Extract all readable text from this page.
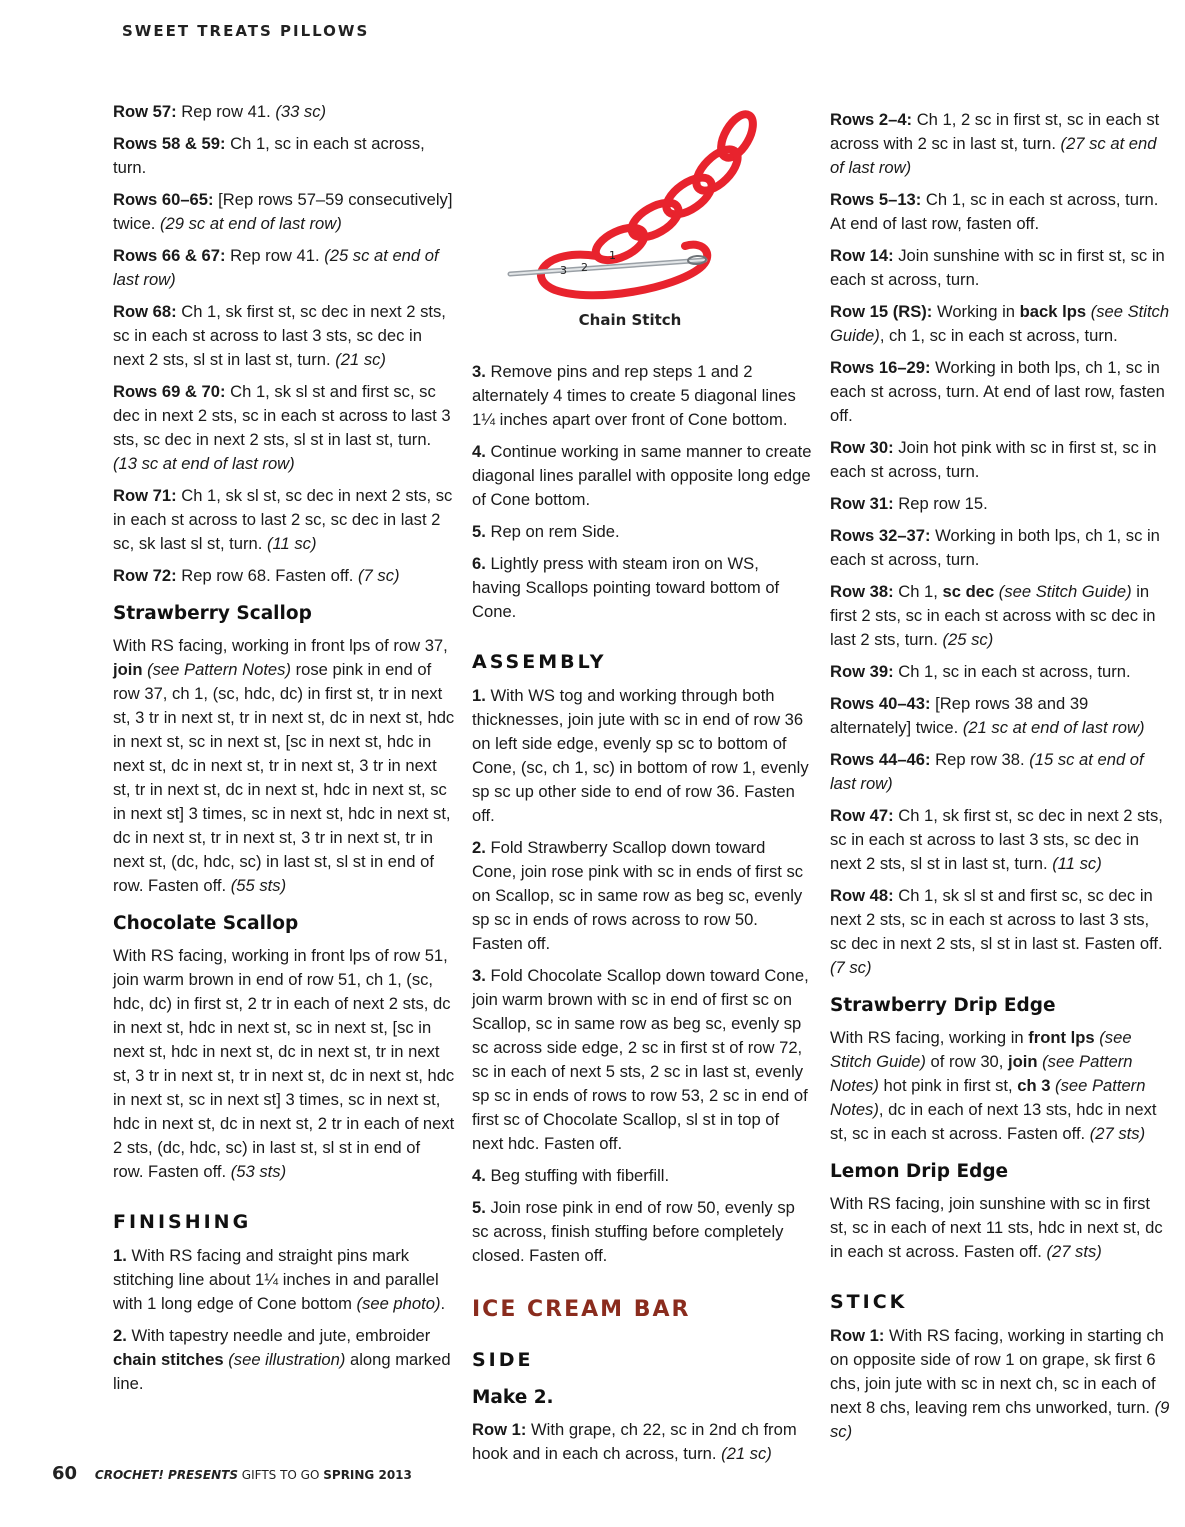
SWEET TREATS PILLOWS

Row 57: Rep row 41. (33 sc)

Rows 58 & 59: Ch 1, sc in each st across, turn.

Rows 60–65: [Rep rows 57–59 consecutively] twice. (29 sc at end of last row)

Rows 66 & 67: Rep row 41. (25 sc at end of last row)

Row 68: Ch 1, sk first st, sc dec in next 2 sts, sc in each st across to last 3 sts, sc dec in next 2 sts, sl st in last st, turn. (21 sc)

Rows 69 & 70: Ch 1, sk sl st and first sc, sc dec in next 2 sts, sc in each st across to last 3 sts, sc dec in next 2 sts, sl st in last st, turn. (13 sc at end of last row)

Row 71: Ch 1, sk sl st, sc dec in next 2 sts, sc in each st across to last 2 sc, sc dec in last 2 sc, sk last sl st, turn. (11 sc)

Row 72: Rep row 68. Fasten off. (7 sc)

Strawberry Scallop

With RS facing, working in front lps of row 37, join (see Pattern Notes) rose pink in end of row 37, ch 1, (sc, hdc, dc) in first st, tr in next st, 3 tr in next st, tr in next st, dc in next st, hdc in next st, sc in next st, [sc in next st, hdc in next st, dc in next st, tr in next st, 3 tr in next st, tr in next st, dc in next st, hdc in next st, sc in next st] 3 times, sc in next st, hdc in next st, dc in next st, tr in next st, 3 tr in next st, tr in next st, (dc, hdc, sc) in last st, sl st in end of row. Fasten off. (55 sts)

Chocolate Scallop

With RS facing, working in front lps of row 51, join warm brown in end of row 51, ch 1, (sc, hdc, dc) in first st, 2 tr in each of next 2 sts, dc in next st, hdc in next st, sc in next st, [sc in next st, hdc in next st, dc in next st, tr in next st, 3 tr in next st, tr in next st, dc in next st, hdc in next st, sc in next st] 3 times, sc in next st, hdc in next st, dc in next st, 2 tr in each of next 2 sts, (dc, hdc, sc) in last st, sl st in end of row. Fasten off. (53 sts)

FINISHING

1. With RS facing and straight pins mark stitching line about 1¼ inches in and parallel with 1 long edge of Cone bottom (see photo).

2. With tapestry needle and jute, embroider chain stitches (see illustration) along marked line.

3 2
1
Chain Stitch

3. Remove pins and rep steps 1 and 2 alternately 4 times to create 5 diagonal lines 1¼ inches apart over front of Cone bottom.

4. Continue working in same manner to create diagonal lines parallel with opposite long edge of Cone bottom.

5. Rep on rem Side.

6. Lightly press with steam iron on WS, having Scallops pointing toward bottom of Cone.

ASSEMBLY

1. With WS tog and working through both thicknesses, join jute with sc in end of row 36 on left side edge, evenly sp sc to bottom of Cone, (sc, ch 1, sc) in bottom of row 1, evenly sp sc up other side to end of row 36. Fasten off.

2. Fold Strawberry Scallop down toward Cone, join rose pink with sc in ends of first sc on Scallop, sc in same row as beg sc, evenly sp sc in ends of rows across to row 50. Fasten off.

3. Fold Chocolate Scallop down toward Cone, join warm brown with sc in end of first sc on Scallop, sc in same row as beg sc, evenly sp sc across side edge, 2 sc in first st of row 72, sc in each of next 5 sts, 2 sc in last st, evenly sp sc in ends of rows to row 53, 2 sc in end of first sc of Chocolate Scallop, sl st in top of next hdc. Fasten off.

4. Beg stuffing with fiberfill.

5. Join rose pink in end of row 50, evenly sp sc across, finish stuffing before completely closed. Fasten off.

ICE CREAM BAR
SIDE
Make 2.

Row 1: With grape, ch 22, sc in 2nd ch from hook and in each ch across, turn. (21 sc)

Rows 2–4: Ch 1, 2 sc in first st, sc in each st across with 2 sc in last st, turn. (27 sc at end of last row)

Rows 5–13: Ch 1, sc in each st across, turn. At end of last row, fasten off.

Row 14: Join sunshine with sc in first st, sc in each st across, turn.

Row 15 (RS): Working in back lps (see Stitch Guide), ch 1, sc in each st across, turn.

Rows 16–29: Working in both lps, ch 1, sc in each st across, turn. At end of last row, fasten off.

Row 30: Join hot pink with sc in first st, sc in each st across, turn.

Row 31: Rep row 15.

Rows 32–37: Working in both lps, ch 1, sc in each st across, turn.

Row 38: Ch 1, sc dec (see Stitch Guide) in first 2 sts, sc in each st across with sc dec in last 2 sts, turn. (25 sc)

Row 39: Ch 1, sc in each st across, turn.

Rows 40–43: [Rep rows 38 and 39 alternately] twice. (21 sc at end of last row)

Rows 44–46: Rep row 38. (15 sc at end of last row)

Row 47: Ch 1, sk first st, sc dec in next 2 sts, sc in each st across to last 3 sts, sc dec in next 2 sts, sl st in last st, turn. (11 sc)

Row 48: Ch 1, sk sl st and first sc, sc dec in next 2 sts, sc in each st across to last 3 sts, sc dec in next 2 sts, sl st in last st. Fasten off. (7 sc)

Strawberry Drip Edge

With RS facing, working in front lps (see Stitch Guide) of row 30, join (see Pattern Notes) hot pink in first st, ch 3 (see Pattern Notes), dc in each of next 13 sts, hdc in next st, sc in each st across. Fasten off. (27 sts)

Lemon Drip Edge

With RS facing, join sunshine with sc in first st, sc in each of next 11 sts, hdc in next st, dc in each st across. Fasten off. (27 sts)

STICK

Row 1: With RS facing, working in starting ch on opposite side of row 1 on grape, sk first 6 chs, join jute with sc in next ch, sc in each of next 8 chs, leaving rem chs unworked, turn. (9 sc)

60 CROCHET! PRESENTS GIFTS TO GO SPRING 2013
